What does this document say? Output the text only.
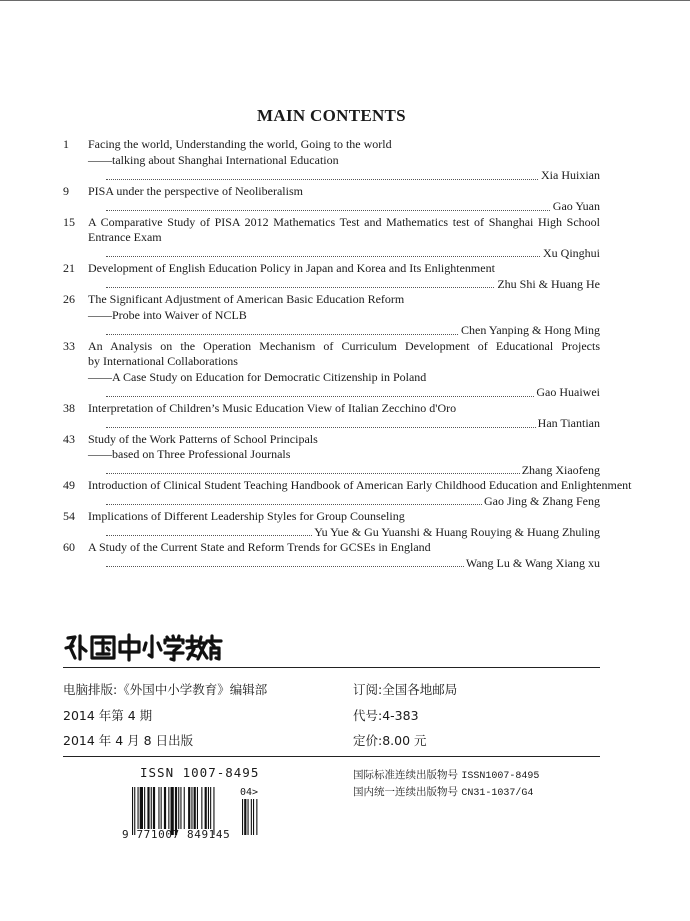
MAIN CONTENTS
1 Facing the world, Understanding the world, Going to the world
——talking about Shanghai International Education
Xia Huixian
9 PISA under the perspective of Neoliberalism
Gao Yuan
15 A Comparative Study of PISA 2012 Mathematics Test and Mathematics test of Shanghai High School
Entrance Exam
Xu Qinghui
21 Development of English Education Policy in Japan and Korea and Its Enlightenment
Zhu Shi & Huang He
26 The Significant Adjustment of American Basic Education Reform
——Probe into Waiver of NCLB
Chen Yanping & Hong Ming
33 An Analysis on the Operation Mechanism of Curriculum Development of Educational Projects
by International Collaborations
——A Case Study on Education for Democratic Citizenship in Poland
Gao Huaiwei
38 Interpretation of Children’s Music Education View of Italian Zecchino d'Oro
Han Tiantian
43 Study of the Work Patterns of School Principals
——based on Three Professional Journals
Zhang Xiaofeng
49 Introduction of Clinical Student Teaching Handbook of American Early Childhood Education and Enlightenment
Gao Jing & Zhang Feng
54 Implications of Different Leadership Styles for Group Counseling
Yu Yue & Gu Yuanshi & Huang Rouying & Huang Zhuling
60 A Study of the Current State and Reform Trends for GCSEs in England
Wang Lu & Wang Xiang xu
电脑排版:《外国中小学教育》编辑部
2014 年第 4 期
2014 年 4 月 8 日出版
订阅:全国各地邮局
代号:4-383
定价:8.00 元
ISSN 1007-8495
9 771007 849145
04>
国际标准连续出版物号 ISSN1007-8495
国内统一连续出版物号 CN31-1037/G4
